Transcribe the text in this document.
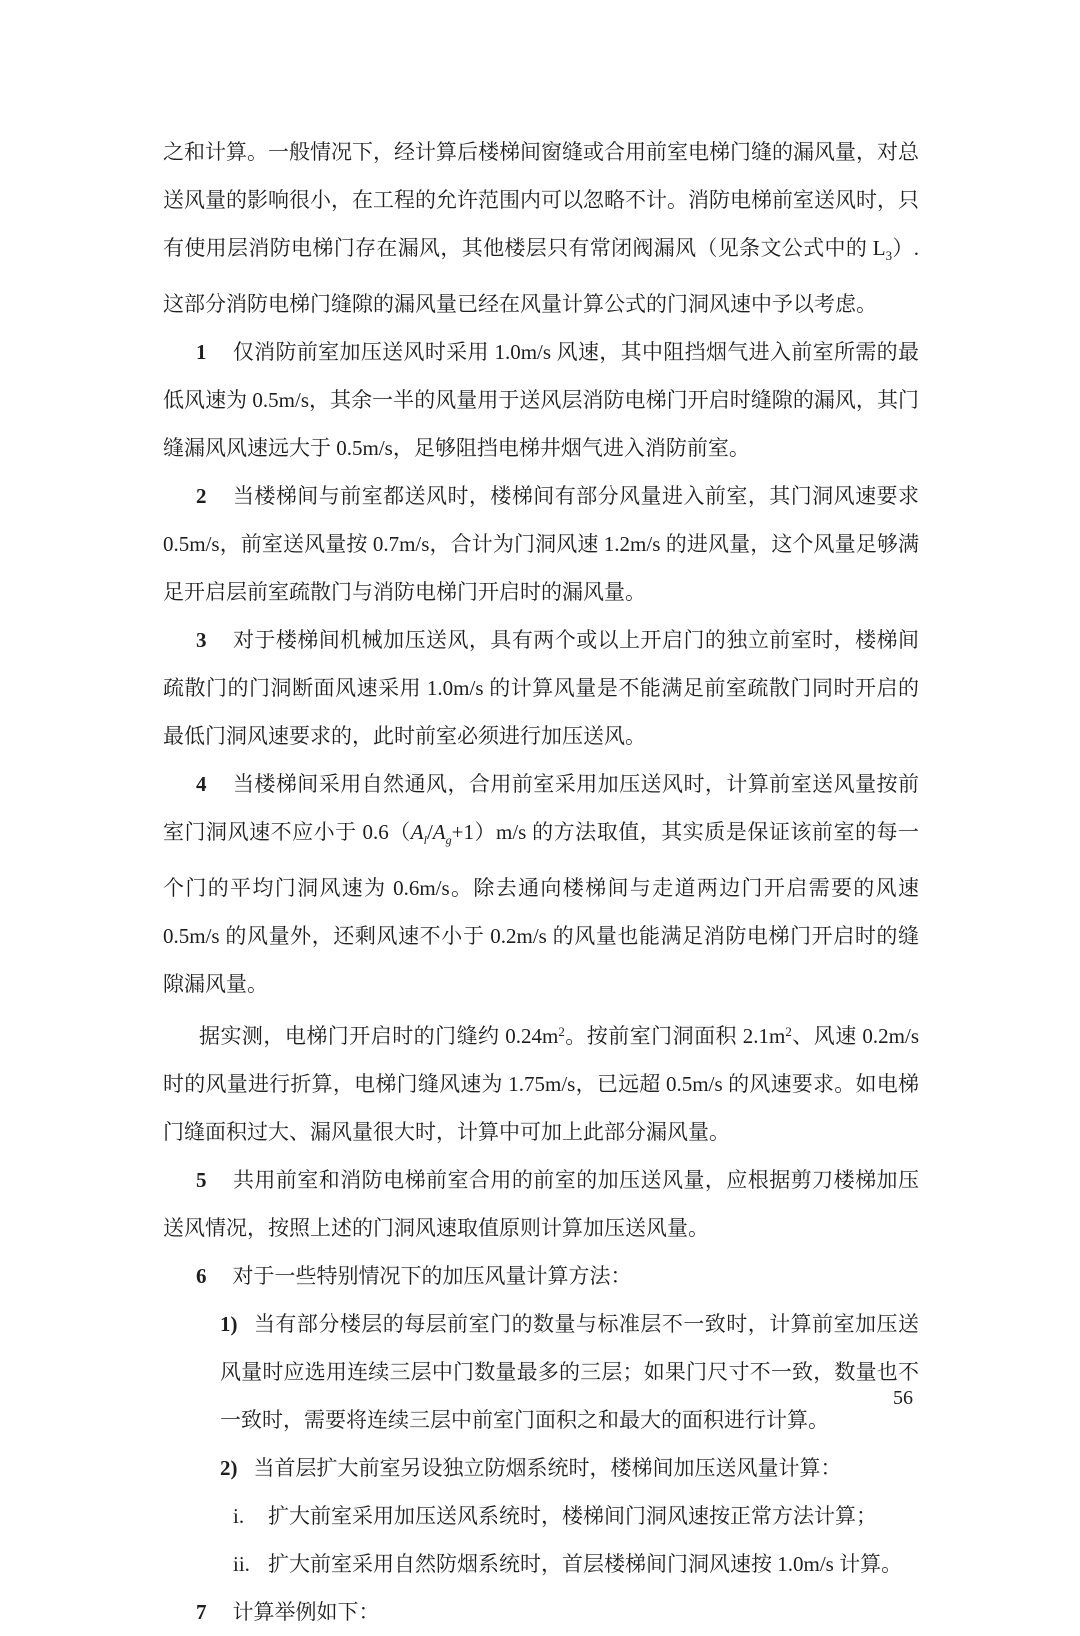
之和计算。一般情况下，经计算后楼梯间窗缝或合用前室电梯门缝的漏风量，对总送风量的影响很小，在工程的允许范围内可以忽略不计。消防电梯前室送风时，只有使用层消防电梯门存在漏风，其他楼层只有常闭阀漏风（见条文公式中的 $L_3$）. 这部分消防电梯门缝隙的漏风量已经在风量计算公式的门洞风速中予以考虑。

1 仅消防前室加压送风时采用 1.0m/s 风速，其中阻挡烟气进入前室所需的最低风速为 0.5m/s，其余一半的风量用于送风层消防电梯门开启时缝隙的漏风，其门缝漏风风速远大于 0.5m/s，足够阻挡电梯井烟气进入消防前室。

2 当楼梯间与前室都送风时，楼梯间有部分风量进入前室，其门洞风速要求 0.5m/s，前室送风量按 0.7m/s，合计为门洞风速 1.2m/s 的进风量，这个风量足够满足开启层前室疏散门与消防电梯门开启时的漏风量。

3 对于楼梯间机械加压送风，具有两个或以上开启门的独立前室时，楼梯间疏散门的门洞断面风速采用 1.0m/s 的计算风量是不能满足前室疏散门同时开启的最低门洞风速要求的，此时前室必须进行加压送风。

4 当楼梯间采用自然通风，合用前室采用加压送风时，计算前室送风量按前室门洞风速不应小于 $0.6(A_l/A_g+1)m/s$ 的方法取值，其实质是保证该前室的每一个门的平均门洞风速为 0.6m/s。除去通向楼梯间与走道两边门开启需要的风速 0.5m/s 的风量外，还剩风速不小于 0.2m/s 的风量也能满足消防电梯门开启时的缝隙漏风量。

据实测，电梯门开启时的门缝约 $0.24m^2$。按前室门洞面积 $2.1m^2$、风速 0.2m/s 时的风量进行折算，电梯门缝风速为 1.75m/s，已远超 0.5m/s 的风速要求。如电梯门缝面积过大、漏风量很大时，计算中可加上此部分漏风量。

5 共用前室和消防电梯前室合用的前室的加压送风量，应根据剪刀楼梯加压送风情况，按照上述的门洞风速取值原则计算加压送风量。

6 对于一些特别情况下的加压风量计算方法：

1) 当有部分楼层的每层前室门的数量与标准层不一致时，计算前室加压送风量时应选用连续三层中门数量最多的三层；如果门尺寸不一致，数量也不一致时，需要将连续三层中前室门面积之和最大的面积进行计算。

2) 当首层扩大前室另设独立防烟系统时，楼梯间加压送风量计算：

i. 扩大前室采用加压送风系统时，楼梯间门洞风速按正常方法计算；

ii. 扩大前室采用自然防烟系统时，首层楼梯间门洞风速按 1.0m/s 计算。

7 计算举例如下：

56
